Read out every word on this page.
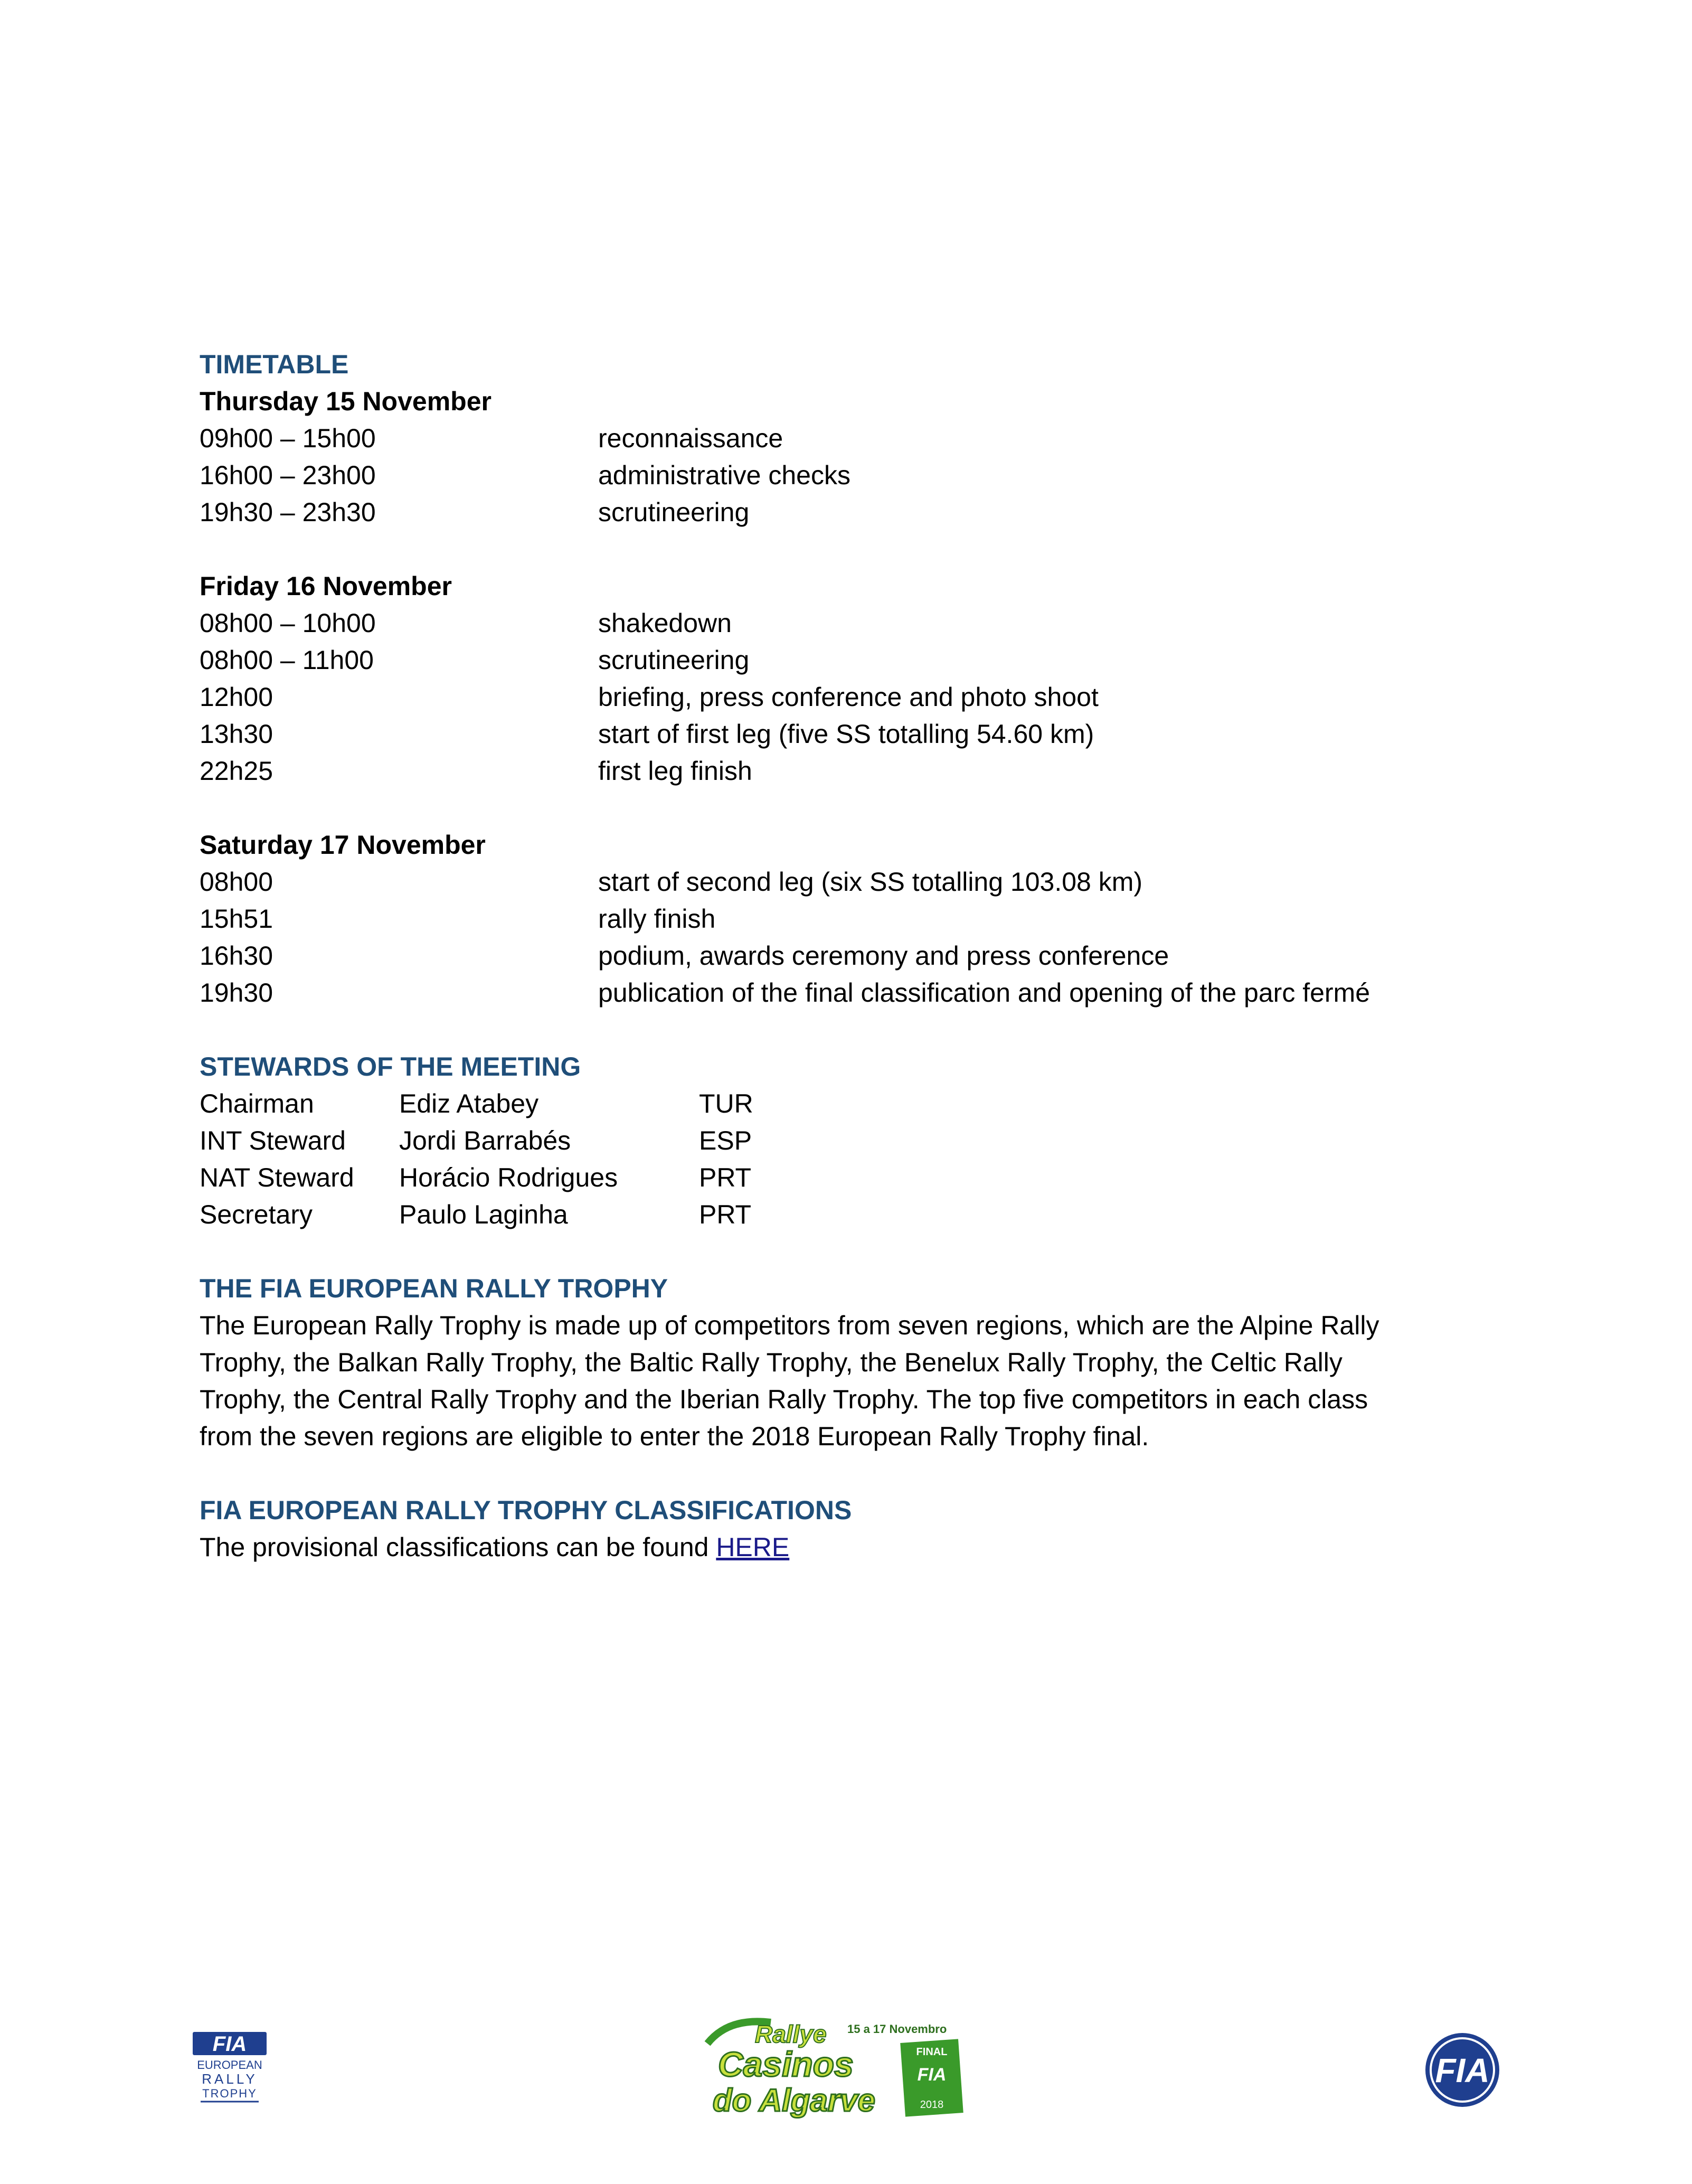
TIMETABLE
Thursday 15 November
09h00 – 15h00	reconnaissance
16h00 – 23h00	administrative checks
19h30 – 23h30	scrutineering
Friday 16 November
08h00 – 10h00	shakedown
08h00 – 11h00	scrutineering
12h00	briefing, press conference and photo shoot
13h30	start of first leg (five SS totalling 54.60 km)
22h25	first leg finish
Saturday 17 November
08h00	start of second leg (six SS totalling 103.08 km)
15h51	rally finish
16h30	podium, awards ceremony and press conference
19h30	publication of the final classification and opening of the parc fermé
STEWARDS OF THE MEETING
Chairman	Ediz Atabey	TUR
INT Steward	Jordi Barrabés	ESP
NAT Steward	Horácio Rodrigues	PRT
Secretary	Paulo Laginha	PRT
THE FIA EUROPEAN RALLY TROPHY
The European Rally Trophy is made up of competitors from seven regions, which are the Alpine Rally
Trophy, the Balkan Rally Trophy, the Baltic Rally Trophy, the Benelux Rally Trophy, the Celtic Rally
Trophy, the Central Rally Trophy and the Iberian Rally Trophy. The top five competitors in each class
from the seven regions are eligible to enter the 2018 European Rally Trophy final.
FIA EUROPEAN RALLY TROPHY CLASSIFICATIONS
The provisional classifications can be found HERE
FIA
EUROPEAN
RALLY
TROPHY
Rallye 15 a 17 Novembro
Casinos
do Algarve
FINAL
FIA
2018
FIA
